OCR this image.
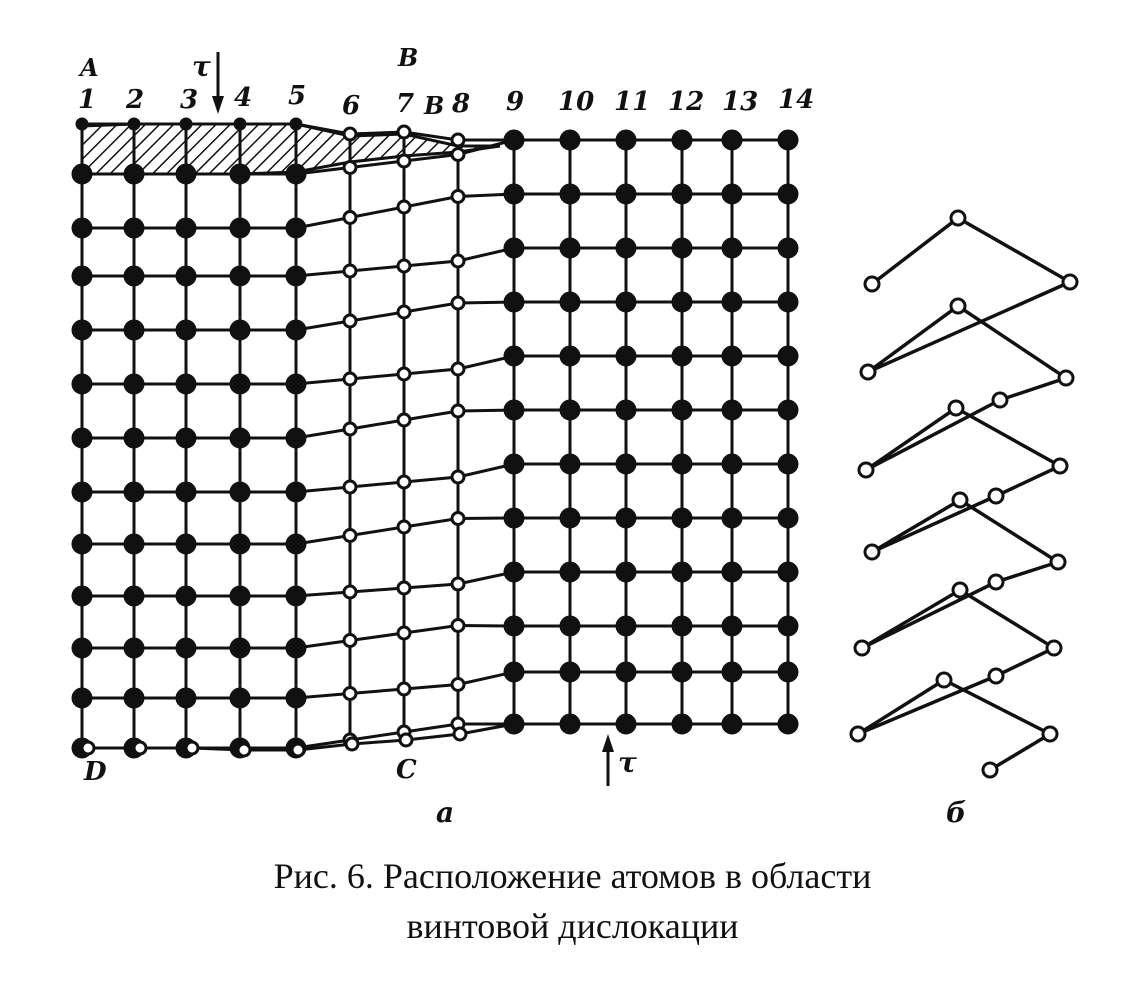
1 2 3 4 5 6 7 8 9 10 11 12 13 14
A	B
B
C
D
τ
τ
а	б
Рис. 6. Расположение атомов в области
винтовой дислокации
